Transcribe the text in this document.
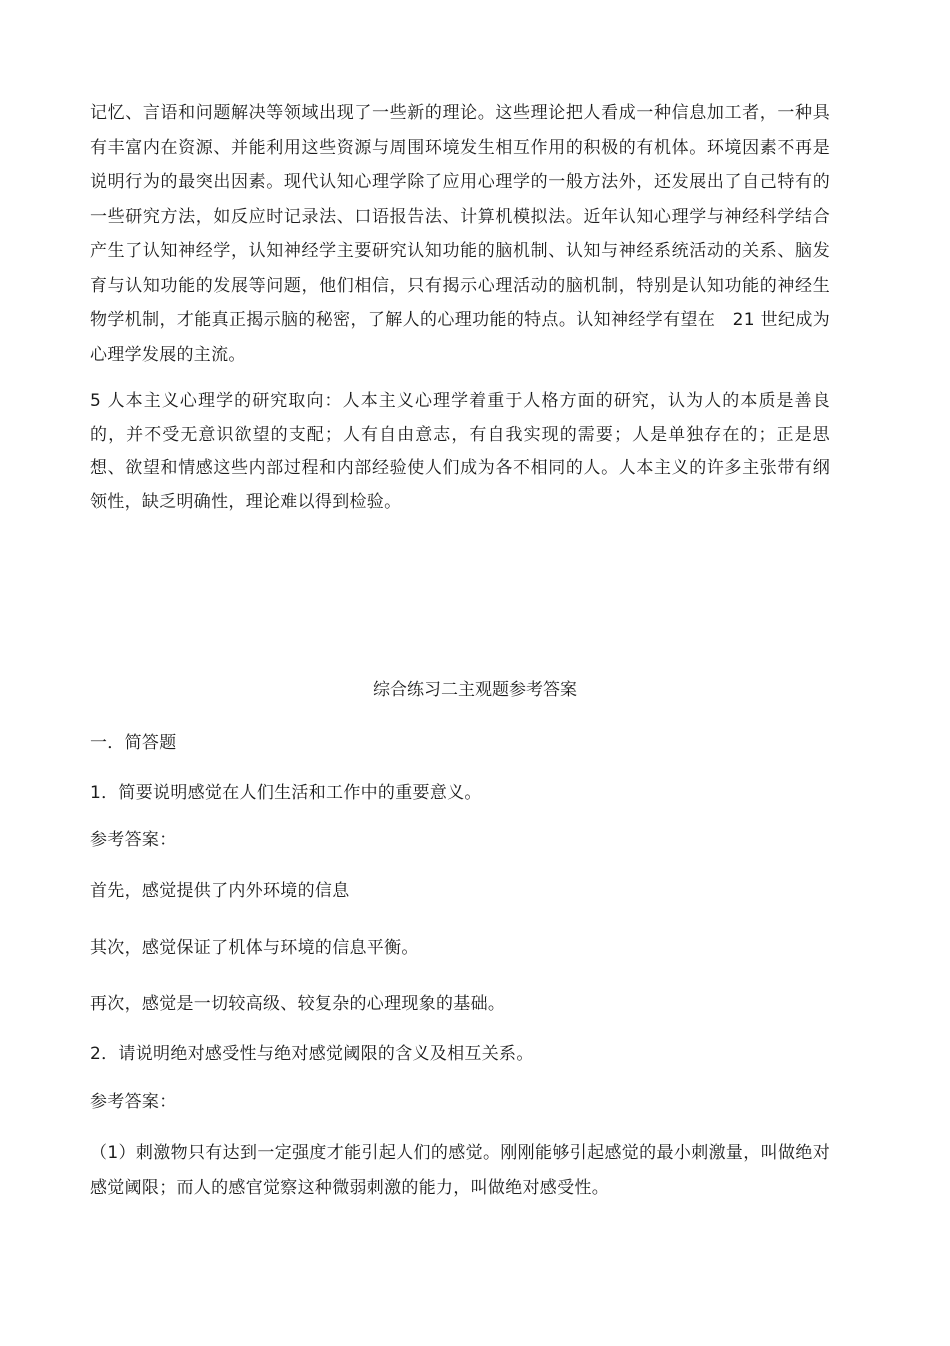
记忆、言语和问题解决等领域出现了一些新的理论。这些理论把人看成一种信息加工者，一种具有丰富内在资源、并能利用这些资源与周围环境发生相互作用的积极的有机体。环境因素不再是说明行为的最突出因素。现代认知心理学除了应用心理学的一般方法外，还发展出了自己特有的一些研究方法，如反应时记录法、口语报告法、计算机模拟法。近年认知心理学与神经科学结合产生了认知神经学，认知神经学主要研究认知功能的脑机制、认知与神经系统活动的关系、脑发育与认知功能的发展等问题，他们相信，只有揭示心理活动的脑机制，特别是认知功能的神经生物学机制，才能真正揭示脑的秘密，了解人的心理功能的特点。认知神经学有望在　21 世纪成为心理学发展的主流。

5 人本主义心理学的研究取向：人本主义心理学着重于人格方面的研究，认为人的本质是善良的，并不受无意识欲望的支配；人有自由意志，有自我实现的需要；人是单独存在的；正是思想、欲望和情感这些内部过程和内部经验使人们成为各不相同的人。人本主义的许多主张带有纲领性，缺乏明确性，理论难以得到检验。

综合练习二主观题参考答案

一．简答题

1．简要说明感觉在人们生活和工作中的重要意义。

参考答案：

首先，感觉提供了内外环境的信息

其次，感觉保证了机体与环境的信息平衡。

再次，感觉是一切较高级、较复杂的心理现象的基础。

2．请说明绝对感受性与绝对感觉阈限的含义及相互关系。

参考答案：

（1）刺激物只有达到一定强度才能引起人们的感觉。刚刚能够引起感觉的最小刺激量，叫做绝对感觉阈限；而人的感官觉察这种微弱刺激的能力，叫做绝对感受性。
